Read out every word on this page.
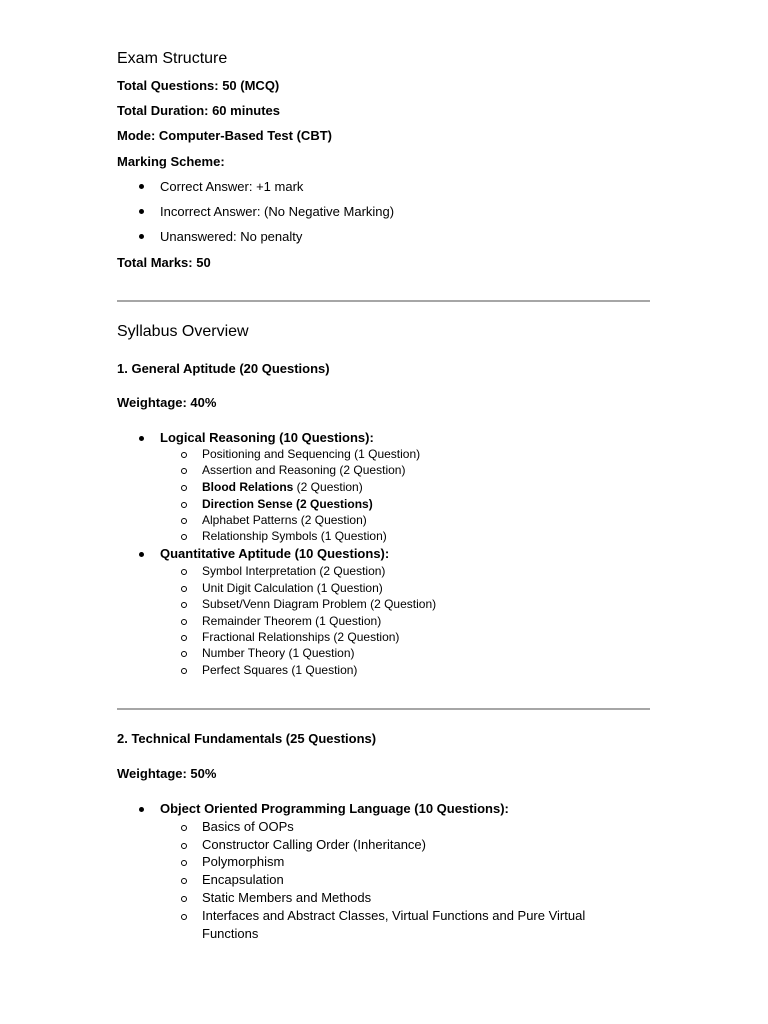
Exam Structure
Total Questions: 50 (MCQ)
Total Duration: 60 minutes
Mode: Computer-Based Test (CBT)
Marking Scheme:
Correct Answer: +1 mark
Incorrect Answer: (No Negative Marking)
Unanswered: No penalty
Total Marks: 50
Syllabus Overview
1. General Aptitude (20 Questions)
Weightage: 40%
Logical Reasoning (10 Questions):
Positioning and Sequencing (1 Question)
Assertion and Reasoning (2 Question)
Blood Relations (2 Question)
Direction Sense (2 Questions)
Alphabet Patterns (2 Question)
Relationship Symbols (1 Question)
Quantitative Aptitude (10 Questions):
Symbol Interpretation (2 Question)
Unit Digit Calculation (1 Question)
Subset/Venn Diagram Problem (2 Question)
Remainder Theorem (1 Question)
Fractional Relationships (2 Question)
Number Theory (1 Question)
Perfect Squares (1 Question)
2. Technical Fundamentals (25 Questions)
Weightage: 50%
Object Oriented Programming Language (10 Questions):
Basics of OOPs
Constructor Calling Order (Inheritance)
Polymorphism
Encapsulation
Static Members and Methods
Interfaces and Abstract Classes, Virtual Functions and Pure Virtual
Functions
